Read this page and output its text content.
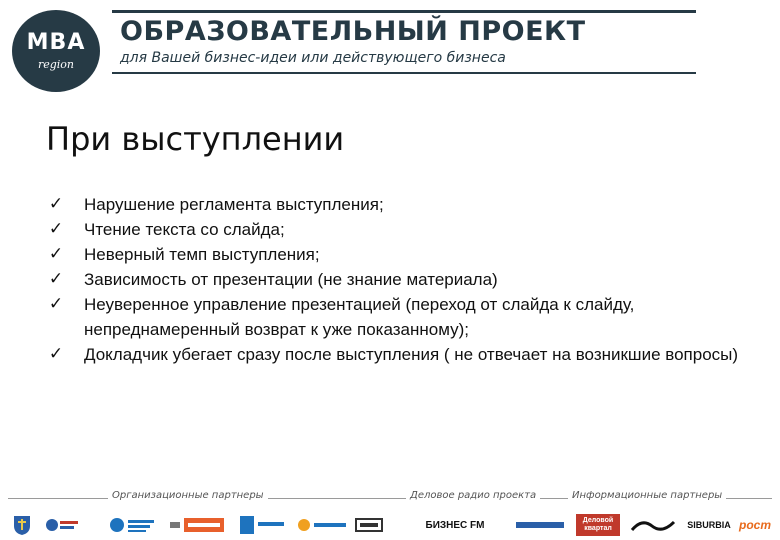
MBA
region
ОБРАЗОВАТЕЛЬНЫЙ ПРОЕКТ
для Вашей бизнес-идеи или действующего бизнеса
При выступлении
✓ Нарушение регламента выступления;
✓ Чтение текста со слайда;
✓ Неверный темп выступления;
✓ Зависимость от презентации (не знание материала)
✓ Неуверенное управление презентацией (переход от слайда к слайду, непреднамеренный возврат к уже показанному);
✓ Докладчик убегает сразу после выступления ( не отвечает на возникшие вопросы)
Организационные партнеры	Деловое радио проекта	Информационные партнеры
БИЗНЕС FM	Деловой квартал	SIBURBIA рост
